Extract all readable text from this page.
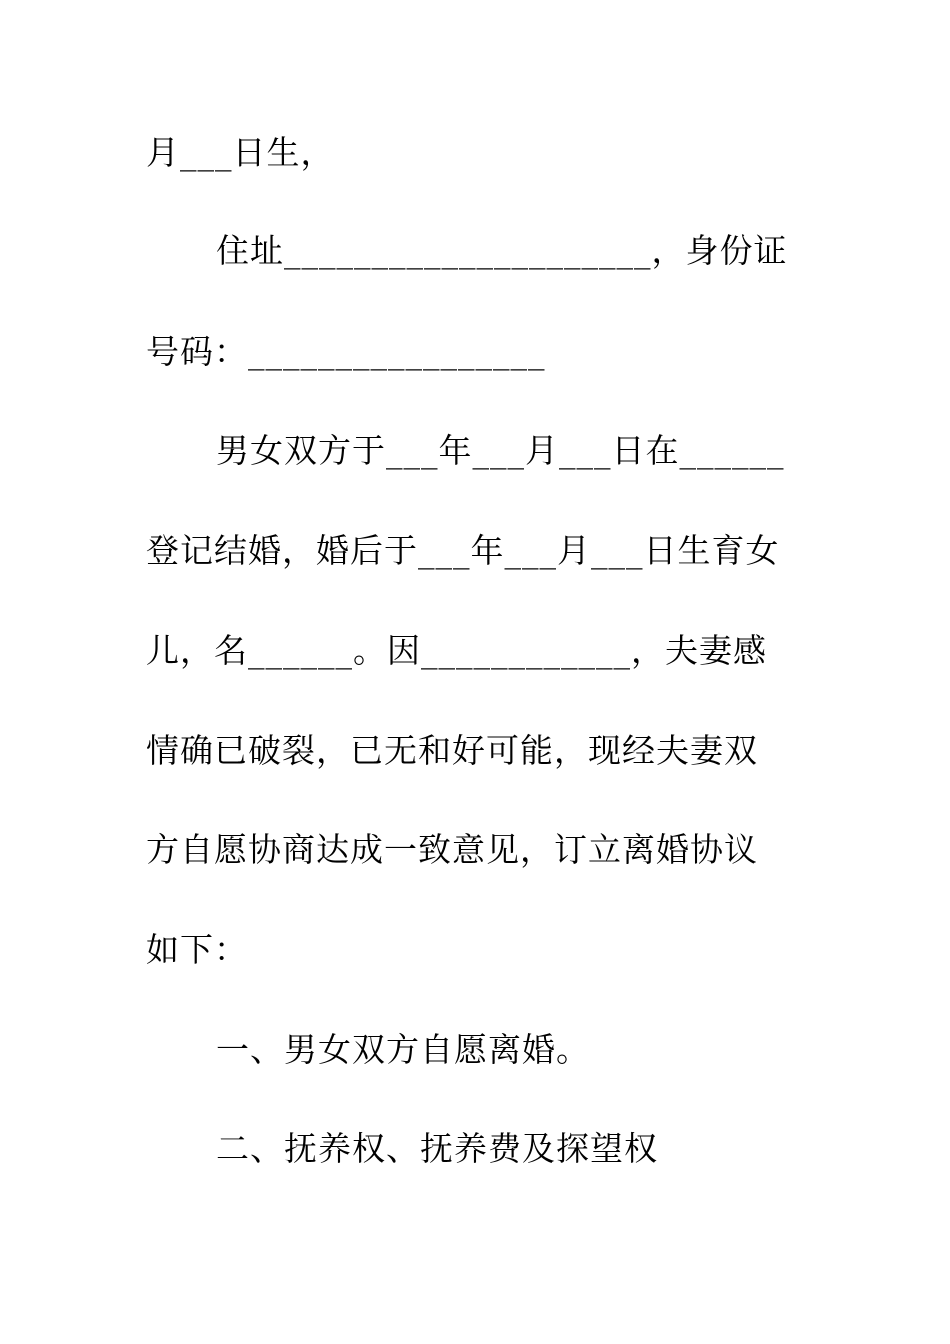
月___日生，
住址_____________________，身份证
号码：_________________
男女双方于___年___月___日在______
登记结婚，婚后于___年___月___日生育女
儿，名______。因____________，夫妻感
情确已破裂，已无和好可能，现经夫妻双
方自愿协商达成一致意见，订立离婚协议
如下：
一、男女双方自愿离婚。
二、抚养权、抚养费及探望权
